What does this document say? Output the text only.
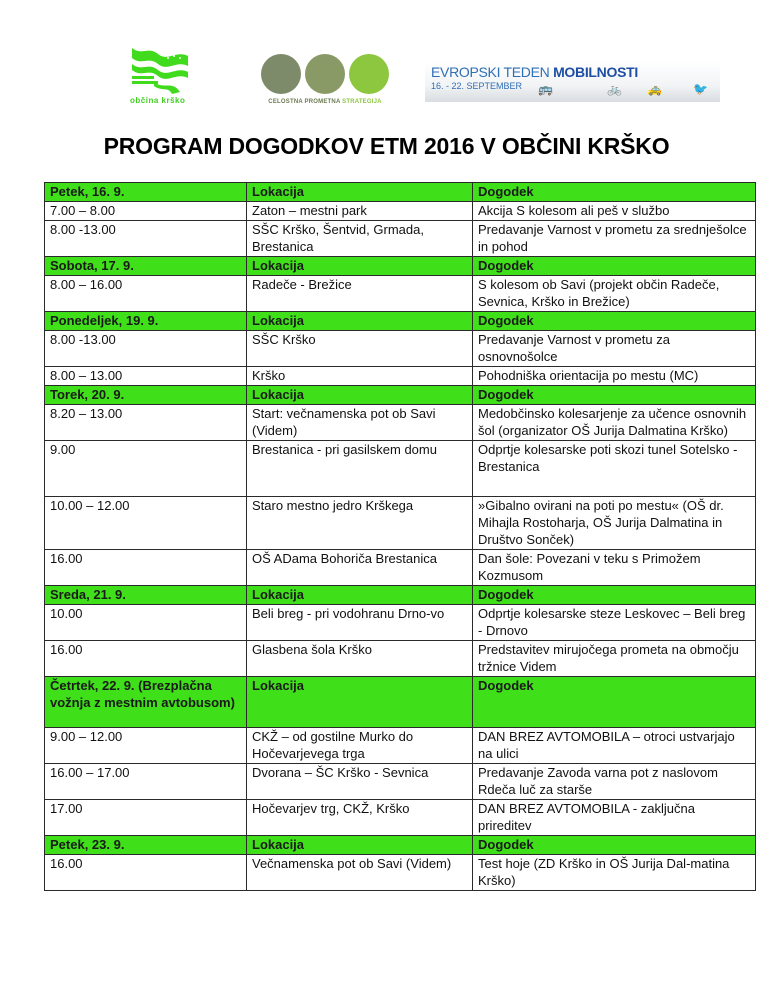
občina krško	CELOSTNA PROMETNA STRATEGIJA
EVROPSKI TEDEN MOBILNOSTI
16. - 22. SEPTEMBER 🚌	🚲 🚕	🐦
PROGRAM DOGODKOV ETM 2016 V OBČINI KRŠKO
Petek, 16. 9.	Lokacija	Dogodek
7.00 – 8.00	Zaton – mestni park	Akcija S kolesom ali peš v službo
8.00 -13.00	SŠC Krško, Šentvid, Grmada, Brestanica	Predavanje Varnost v prometu za srednješolce in pohod
Sobota, 17. 9.	Lokacija	Dogodek
8.00 – 16.00	Radeče - Brežice	S kolesom ob Savi (projekt občin Radeče, Sevnica, Krško in Brežice)
Ponedeljek, 19. 9.	Lokacija	Dogodek
8.00 -13.00	SŠC Krško	Predavanje Varnost v prometu za osnovnošolce
8.00 – 13.00	Krško	Pohodniška orientacija po mestu (MC)
Torek, 20. 9.	Lokacija	Dogodek
8.20 – 13.00	Start: večnamenska pot ob Savi (Videm)	Medobčinsko kolesarjenje za učence osnovnih šol (organizator OŠ Jurija Dalmatina Krško)
9.00	Brestanica - pri gasilskem domu	Odprtje kolesarske poti skozi tunel Sotelsko - Brestanica
10.00 – 12.00	Staro mestno jedro Krškega	»Gibalno ovirani na poti po mestu« (OŠ dr. Mihajla Rostoharja, OŠ Jurija Dalmatina in Društvo Sonček)
16.00	OŠ ADama Bohoriča Brestanica	Dan šole: Povezani v teku s Primožem Kozmusom
Sreda, 21. 9.	Lokacija	Dogodek
10.00	Beli breg - pri vodohranu Drno-vo	Odprtje kolesarske steze Leskovec – Beli breg - Drnovo
16.00	Glasbena šola Krško	Predstavitev mirujočega prometa na območju tržnice Videm
Četrtek, 22. 9. (Brezplačna vožnja z mestnim avtobusom)	Lokacija	Dogodek
9.00 – 12.00	CKŽ – od gostilne Murko do Hočevarjevega trga	DAN BREZ AVTOMOBILA – otroci ustvarjajo na ulici
16.00 – 17.00	Dvorana – ŠC Krško - Sevnica	Predavanje Zavoda varna pot z naslovom Rdeča luč za starše
17.00	Hočevarjev trg, CKŽ, Krško	DAN BREZ AVTOMOBILA - zaključna prireditev
Petek, 23. 9.	Lokacija	Dogodek
16.00	Večnamenska pot ob Savi (Videm)	Test hoje (ZD Krško in OŠ Jurija Dal-matina Krško)
